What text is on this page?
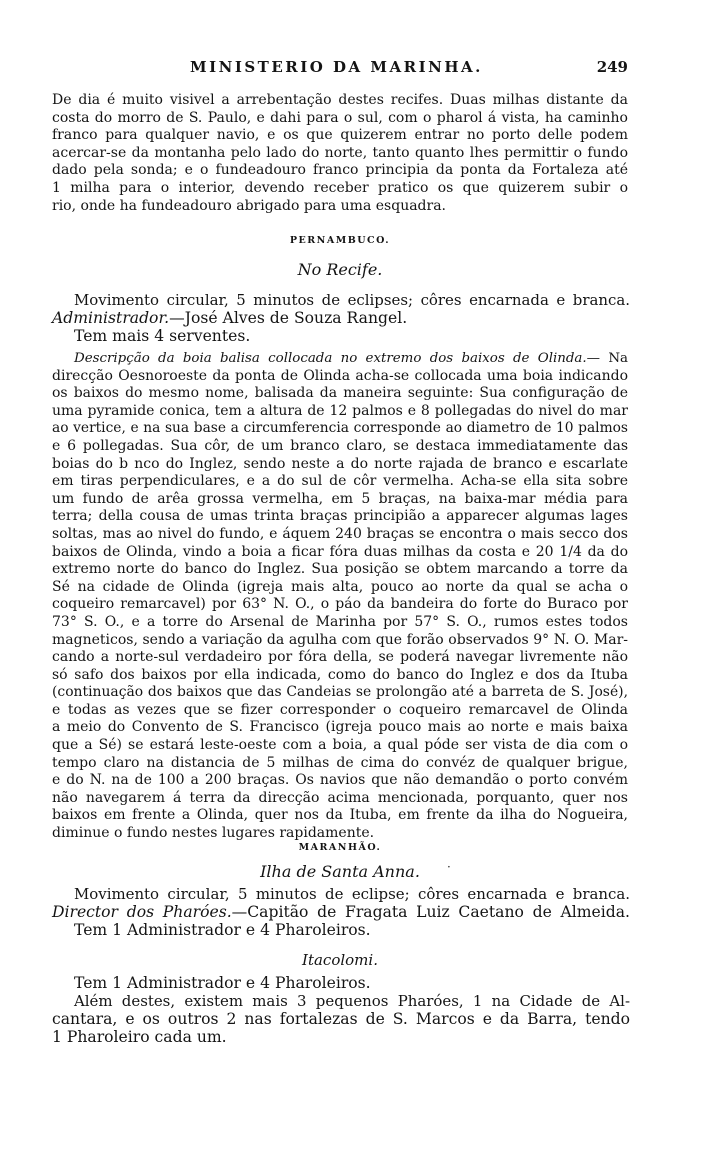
MINISTERIO DA MARINHA.	249

De dia é muito visivel a arrebentação destes recifes. Duas milhas distante da

costa do morro de S. Paulo, e dahi para o sul, com o pharol á vista, ha caminho

franco para qualquer navio, e os que quizerem entrar no porto delle podem

acercar-se da montanha pelo lado do norte, tanto quanto lhes permittir o fundo

dado pela sonda; e o fundeadouro franco principia da ponta da Fortaleza até

1 milha para o interior, devendo receber pratico os que quizerem subir o

rio, onde ha fundeadouro abrigado para uma esquadra.

PERNAMBUCO.
No Recife.

Movimento circular, 5 minutos de eclipses; côres encarnada e branca.

Administrador.—José Alves de Souza Rangel.

Tem mais 4 serventes.

Descripção da boia balisa collocada no extremo dos baixos de Olinda.— Na

direcção Oesnoroeste da ponta de Olinda acha-se collocada uma boia indicando

os baixos do mesmo nome, balisada da maneira seguinte: Sua configuração de

uma pyramide conica, tem a altura de 12 palmos e 8 pollegadas do nivel do mar

ao vertice, e na sua base a circumferencia corresponde ao diametro de 10 palmos

e 6 pollegadas. Sua côr, de um branco claro, se destaca immediatamente das

boias do b nco do Inglez, sendo neste a do norte rajada de branco e escarlate

em tiras perpendiculares, e a do sul de côr vermelha. Acha-se ella sita sobre

um fundo de arêa grossa vermelha, em 5 braças, na baixa-mar média para

terra; della cousa de umas trinta braças principião a apparecer algumas lages

soltas, mas ao nivel do fundo, e áquem 240 braças se encontra o mais secco dos

baixos de Olinda, vindo a boia a ficar fóra duas milhas da costa e 20 1/4 da do

extremo norte do banco do Inglez. Sua posição se obtem marcando a torre da

Sé na cidade de Olinda (igreja mais alta, pouco ao norte da qual se acha o

coqueiro remarcavel) por 63° N. O., o páo da bandeira do forte do Buraco por

73° S. O., e a torre do Arsenal de Marinha por 57° S. O., rumos estes todos

magneticos, sendo a variação da agulha com que forão observados 9° N. O. Mar-

cando a norte-sul verdadeiro por fóra della, se poderá navegar livremente não

só safo dos baixos por ella indicada, como do banco do Inglez e dos da Ituba

(continuação dos baixos que das Candeias se prolongão até a barreta de S. José),

e todas as vezes que se fizer corresponder o coqueiro remarcavel de Olinda

a meio do Convento de S. Francisco (igreja pouco mais ao norte e mais baixa

que a Sé) se estará leste-oeste com a boia, a qual póde ser vista de dia com o

tempo claro na distancia de 5 milhas de cima do convéz de qualquer brigue,

e do N. na de 100 a 200 braças. Os navios que não demandão o porto convém

não navegarem á terra da direcção acima mencionada, porquanto, quer nos

baixos em frente a Olinda, quer nos da Ituba, em frente da ilha do Nogueira,

diminue o fundo nestes lugares rapidamente.

MARANHÃO.
Ilha de Santa Anna.	·

Movimento circular, 5 minutos de eclipse; côres encarnada e branca.

Director dos Pharóes.—Capitão de Fragata Luiz Caetano de Almeida.

Tem 1 Administrador e 4 Pharoleiros.

Itacolomi.

Tem 1 Administrador e 4 Pharoleiros.

Além destes, existem mais 3 pequenos Pharóes, 1 na Cidade de Al-

cantara, e os outros 2 nas fortalezas de S. Marcos e da Barra, tendo

1 Pharoleiro cada um.
